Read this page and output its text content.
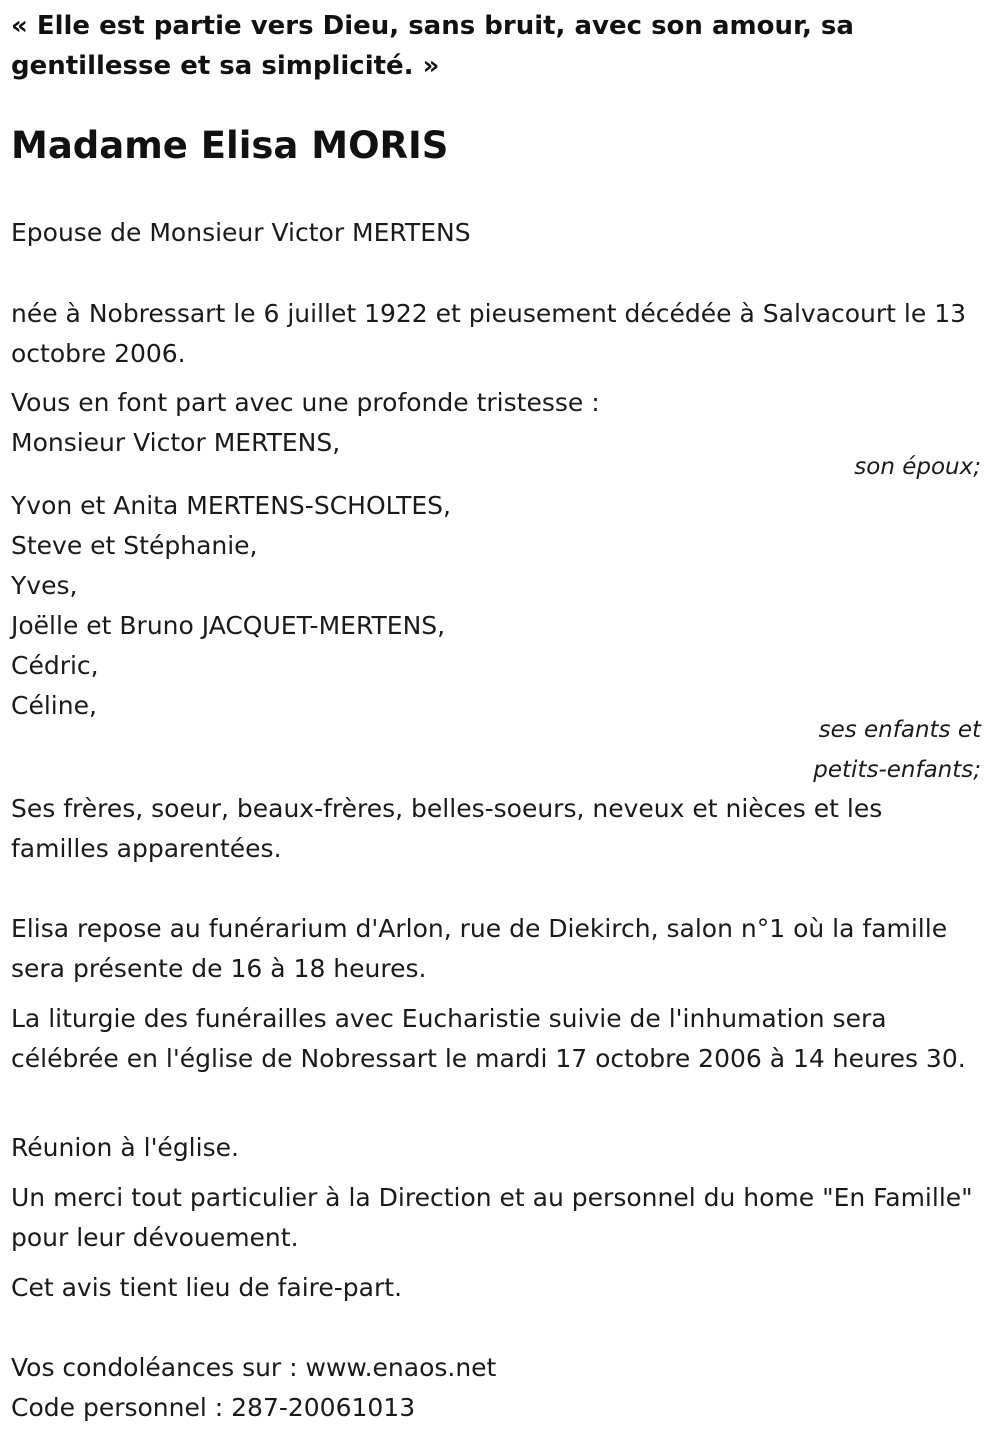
« Elle est partie vers Dieu, sans bruit, avec son amour, sa gentillesse et sa simplicité. »
Madame Elisa MORIS
Epouse de Monsieur Victor MERTENS
née à Nobressart le 6 juillet 1922 et pieusement décédée à Salvacourt le 13 octobre 2006.
Vous en font part avec une profonde tristesse :
Monsieur Victor MERTENS,
son époux;
Yvon et Anita MERTENS-SCHOLTES,
Steve et Stéphanie,
Yves,
Joëlle et Bruno JACQUET-MERTENS,
Cédric,
Céline,
ses enfants et
petits-enfants;
Ses frères, soeur, beaux-frères, belles-soeurs, neveux et nièces et les familles apparentées.
Elisa repose au funérarium d'Arlon, rue de Diekirch, salon n°1 où la famille sera présente de 16 à 18 heures.
La liturgie des funérailles avec Eucharistie suivie de l'inhumation sera célébrée en l'église de Nobressart le mardi 17 octobre 2006 à 14 heures 30.
Réunion à l'église.
Un merci tout particulier à la Direction et au personnel du home "En Famille" pour leur dévouement.
Cet avis tient lieu de faire-part.
Vos condoléances sur : www.enaos.net
Code personnel : 287-20061013
